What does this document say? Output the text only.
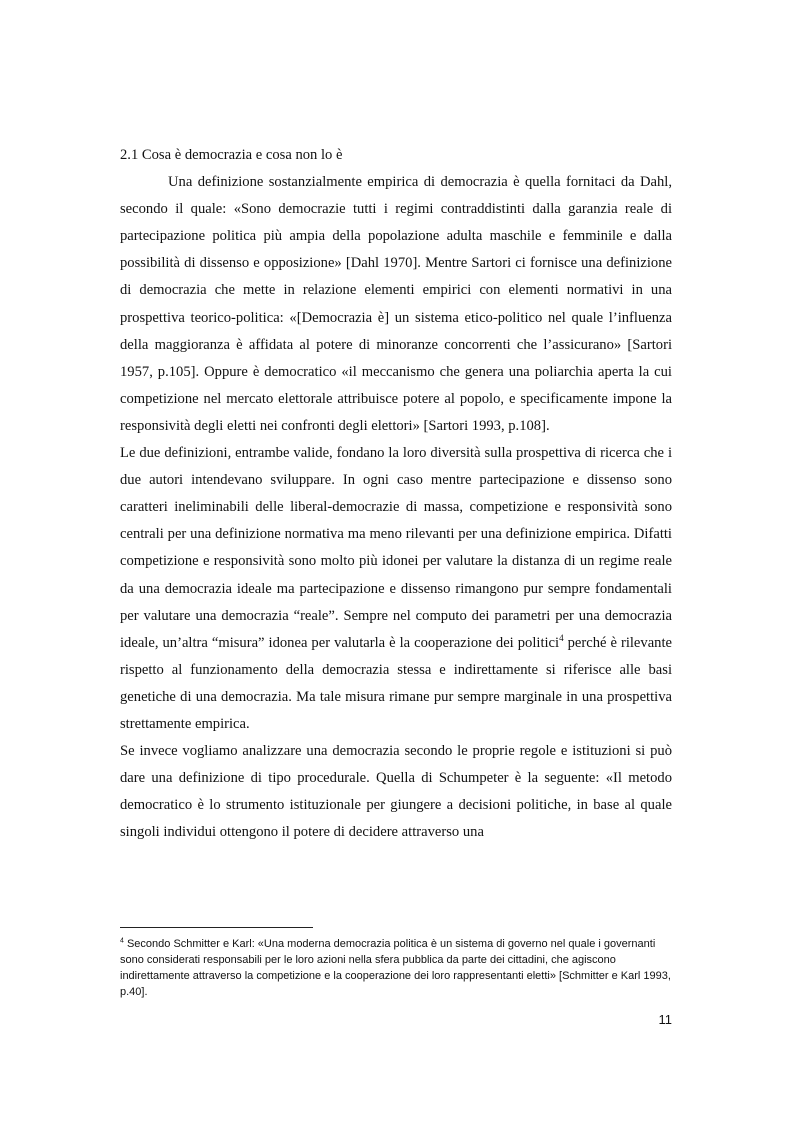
2.1 Cosa è democrazia e cosa non lo è

Una definizione sostanzialmente empirica di democrazia è quella fornitaci da Dahl, secondo il quale: «Sono democrazie tutti i regimi contraddistinti dalla garanzia reale di partecipazione politica più ampia della popolazione adulta maschile e femminile e dalla possibilità di dissenso e opposizione» [Dahl 1970]. Mentre Sartori ci fornisce una definizione di democrazia che mette in relazione elementi empirici con elementi normativi in una prospettiva teorico-politica: «[Democrazia è] un sistema etico-politico nel quale l’influenza della maggioranza è affidata al potere di minoranze concorrenti che l’assicurano» [Sartori 1957, p.105]. Oppure è democratico «il meccanismo che genera una poliarchia aperta la cui competizione nel mercato elettorale attribuisce potere al popolo, e specificamente impone la responsività degli eletti nei confronti degli elettori» [Sartori 1993, p.108].

Le due definizioni, entrambe valide, fondano la loro diversità sulla prospettiva di ricerca che i due autori intendevano sviluppare. In ogni caso mentre partecipazione e dissenso sono caratteri ineliminabili delle liberal-democrazie di massa, competizione e responsività sono centrali per una definizione normativa ma meno rilevanti per una definizione empirica. Difatti competizione e responsività sono molto più idonei per valutare la distanza di un regime reale da una democrazia ideale ma partecipazione e dissenso rimangono pur sempre fondamentali per valutare una democrazia “reale”. Sempre nel computo dei parametri per una democrazia ideale, un’altra “misura” idonea per valutarla è la cooperazione dei politici$^4$ perché è rilevante rispetto al funzionamento della democrazia stessa e indirettamente si riferisce alle basi genetiche di una democrazia. Ma tale misura rimane pur sempre marginale in una prospettiva strettamente empirica.

Se invece vogliamo analizzare una democrazia secondo le proprie regole e istituzioni si può dare una definizione di tipo procedurale. Quella di Schumpeter è la seguente: «Il metodo democratico è lo strumento istituzionale per giungere a decisioni politiche, in base al quale singoli individui ottengono il potere di decidere attraverso una

$^4$ Secondo Schmitter e Karl: «Una moderna democrazia politica è un sistema di governo nel quale i governanti sono considerati responsabili per le loro azioni nella sfera pubblica da parte dei cittadini, che agiscono indirettamente attraverso la competizione e la cooperazione dei loro rappresentanti eletti» [Schmitter e Karl 1993, p.40].
11
